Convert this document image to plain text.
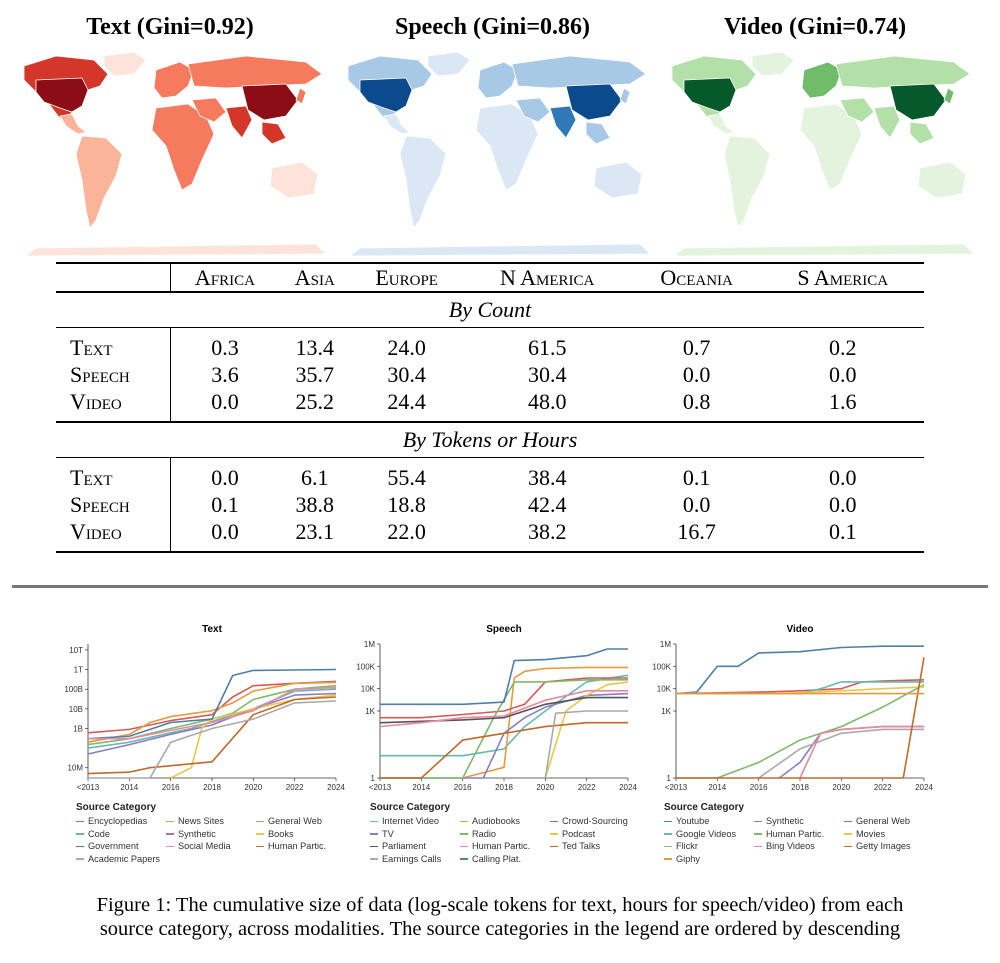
Text (Gini=0.92)	Speech (Gini=0.86)	Video (Gini=0.74)
	Africa	Asia	Europe	N America	Oceania	S America
By Count						
Text	0.3	13.4	24.0	61.5	0.7	0.2
Speech	3.6	35.7	30.4	30.4	0.0	0.0
Video	0.0	25.2	24.4	48.0	0.8	1.6
By Tokens or Hours						
Text	0.0	6.1	55.4	38.4	0.1	0.0
Speech	0.1	38.8	18.8	42.4	0.0	0.0
Video	0.0	23.1	22.0	38.2	16.7	0.1
Text
10M
1B
10B
100B
1T
10T
<2013	2014	2016	2018	2020	2022	2024
Speech
1
1K
10K
100K
1M
<2013	2014	2016	2018	2020	2022	2024
Video
1
1K
10K
100K
1M
<2013	2014	2016	2018	2020	2022	2024
Source Category
Encyclopedias	News Sites	General Web
Code	Synthetic	Books
Government	Social Media	Human Partic.
Academic Papers
Source Category
Internet Video	Audiobooks	Crowd-Sourcing
TV	Radio	Podcast
Parliament	Human Partic.	Ted Talks
Earnings Calls	Calling Plat.
Source Category
Youtube	Synthetic	General Web
Google Videos	Human Partic.	Movies
Flickr	Bing Videos	Getty Images
Giphy
Figure 1: The cumulative size of data (log-scale tokens for text, hours for speech/video) from each
source category, across modalities. The source categories in the legend are ordered by descending
